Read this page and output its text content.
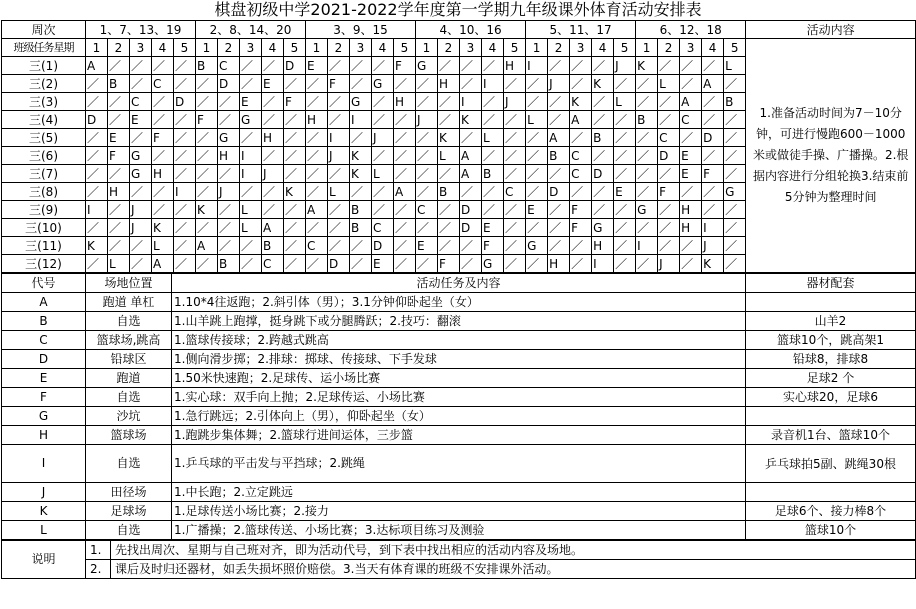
棋盘初级中学2021-2022学年度第一学期九年级课外体育活动安排表
周次	1、7、13、19					2、8、14、20					3、9、15					4、10、16					5、11、17					6、12、18					活动内容
班级任务星期	1	2	3	4	5	1	2	3	4	5	1	2	3	4	5	1	2	3	4	5	1	2	3	4	5	1	2	3	4	5	1.准备活动时间为7－10分钟，可进行慢跑600－1000米或做徒手操、广播操。2.根据内容进行分组轮换3.结束前5分钟为整理时间
三(1)	A	／	／	／	／	B	C	／	／	D	E	／	／	／	F	G	／	／	／	H	I	／	／	／	J	K	／	／	／	L	
三(2)	／	B	／	C	／	／	D	／	E	／	／	F	／	G	／	／	H	／	I	／	／	J	／	K	／	／	L	／	A	／	
三(3)	／	／	C	／	D	／	／	E	／	F	／	／	G	／	H	／	／	I	／	J	／	／	K	／	L	／	／	A	／	B	
三(4)	D	／	E	／	／	F	／	G	／	／	H	／	I	／	／	J	／	K	／	／	L	／	A	／	／	B	／	C	／	／	
三(5)	／	E	／	F	／	／	G	／	H	／	／	I	／	J	／	／	K	／	L	／	／	A	／	B	／	／	C	／	D	／	
三(6)	／	F	G	／	／	／	H	I	／	／	／	J	K	／	／	／	L	A	／	／	／	B	C	／	／	／	D	E	／	／	
三(7)	／	／	G	H	／	／	／	I	J	／	／	／	K	L	／	／	／	A	B	／	／	／	C	D	／	／	／	E	F	／	
三(8)	／	H	／	／	I	／	J	／	／	K	／	L	／	／	A	／	B	／	／	C	／	D	／	／	E	／	F	／	／	G	
三(9)	I	／	J	／	／	K	／	L	／	／	A	／	B	／	／	C	／	D	／	／	E	／	F	／	／	G	／	H	／	／	
三(10)	／	／	J	K	／	／	／	L	A	／	／	／	B	C	／	／	／	D	E	／	／	／	F	G	／	／	／	H	I	／	
三(11)	K	／	／	L	／	A	／	／	B	／	C	／	／	D	／	E	／	／	F	／	G	／	／	H	／	I	／	／	J	／	
三(12)	／	L	／	A	／	／	B	／	C	／	／	D	／	E	／	／	F	／	G	／	／	H	／	I	／	／	J	／	K	／	
代号	场地位置	活动任务及内容	器材配套
A	跑道 单杠	1.10*4往返跑；2.斜引体（男）；3.1分钟仰卧起坐（女）	
B	自选	1.山羊跳上跑撑，挺身跳下或分腿腾跃；2.技巧：翻滚	山羊2
C	篮球场,跳高	1.篮球传接球；2.跨越式跳高	篮球10个，跳高架1
D	铅球区	1.侧向滑步掷；2.排球：掷球、传接球、下手发球	铅球8，排球8
E	跑道	1.50米快速跑；2.足球传、运小场比赛	足球2 个
F	自选	1.实心球：双手向上抛；2.足球传运、小场比赛	实心球20，足球6
G	沙坑	1.急行跳远；2.引体向上（男），仰卧起坐（女）	
H	篮球场	1.跑跳步集体舞；2.篮球行进间运体，三步篮	录音机1台、篮球10个
I	自选	1.乒乓球的平击发与平挡球；2.跳绳	乒乓球拍5副、跳绳30根
J	田径场	1.中长跑；2.立定跳远	
K	足球场	1.足球传送小场比赛；2.接力	足球6个、接力棒8个
L	自选	1.广播操；2.篮球传送、小场比赛；3.达标项目练习及测验	篮球10个
说明	1.	先找出周次、星期与自己班对齐，即为活动代号，到下表中找出相应的活动内容及场地。
	2.	课后及时归还器材，如丢失损坏照价赔偿。3.当天有体育课的班级不安排课外活动。
